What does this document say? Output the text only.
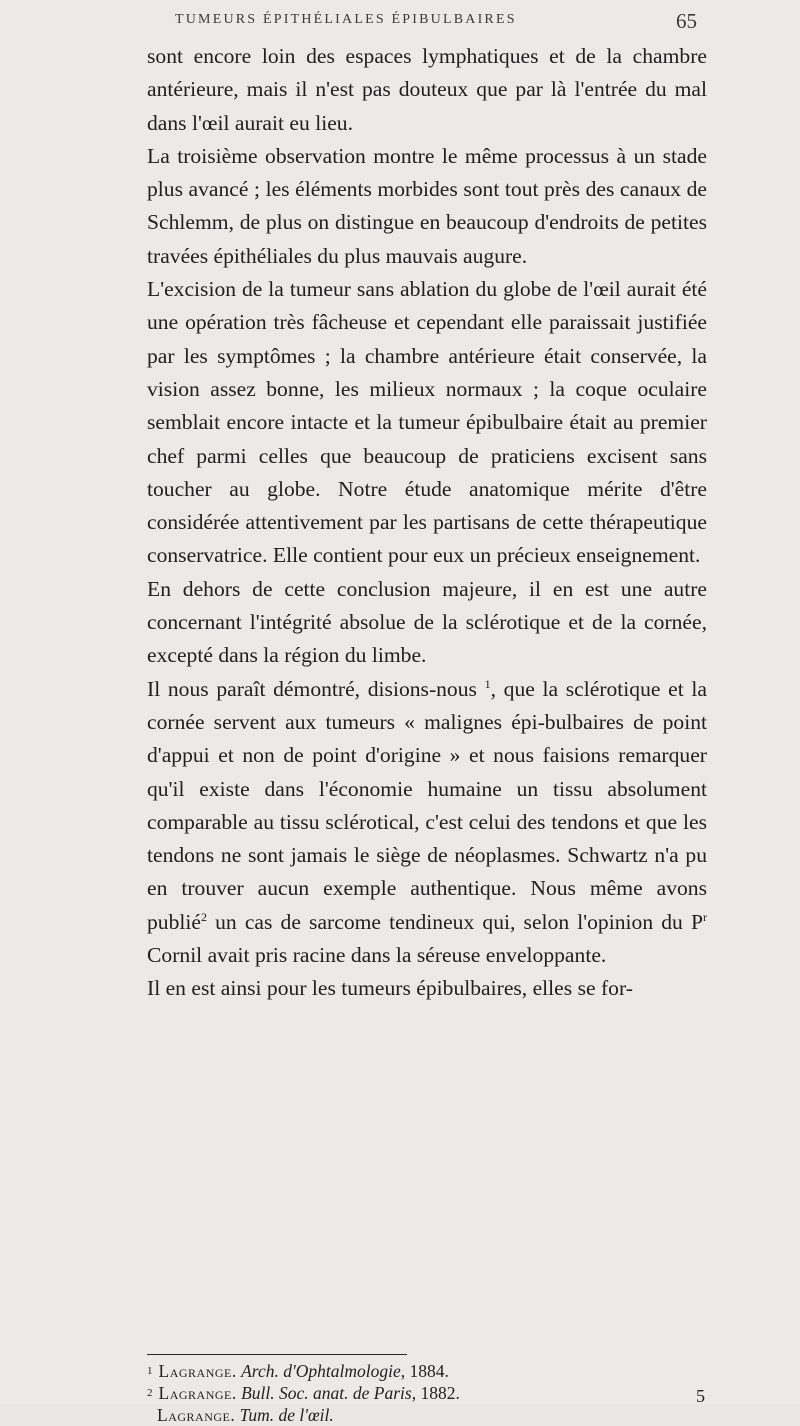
TUMEURS ÉPITHÉLIALES ÉPIBULBAIRES	65

sont encore loin des espaces lymphatiques et de la chambre antérieure, mais il n'est pas douteux que par là l'entrée du mal dans l'œil aurait eu lieu.

La troisième observation montre le même processus à un stade plus avancé ; les éléments morbides sont tout près des canaux de Schlemm, de plus on distingue en beaucoup d'endroits de petites travées épithéliales du plus mauvais augure.

L'excision de la tumeur sans ablation du globe de l'œil aurait été une opération très fâcheuse et cependant elle paraissait justifiée par les symptômes ; la chambre antérieure était conservée, la vision assez bonne, les milieux normaux ; la coque oculaire semblait encore intacte et la tumeur épibulbaire était au premier chef parmi celles que beaucoup de praticiens excisent sans toucher au globe. Notre étude anatomique mérite d'être considérée attentivement par les partisans de cette thérapeutique conservatrice. Elle contient pour eux un précieux enseignement.

En dehors de cette conclusion majeure, il en est une autre concernant l'intégrité absolue de la sclérotique et de la cornée, excepté dans la région du limbe.

Il nous paraît démontré, disions-nous $^1$, que la sclérotique et la cornée servent aux tumeurs « malignes épi-bulbaires de point d'appui et non de point d'origine » et nous faisions remarquer qu'il existe dans l'économie humaine un tissu absolument comparable au tissu sclérotical, c'est celui des tendons et que les tendons ne sont jamais le siège de néoplasmes. Schwartz n'a pu en trouver aucun exemple authentique. Nous même avons publié$^2$ un cas de sarcome tendineux qui, selon l'opinion du $P^r$ Cornil avait pris racine dans la séreuse enveloppante.

Il en est ainsi pour les tumeurs épibulbaires, elles se for-

$^1$ Lagrange. Arch. d'Ophtalmologie, 1884.
$^2$ Lagrange. Bull. Soc. anat. de Paris, 1882.
Lagrange. Tum. de l'œil.
5
